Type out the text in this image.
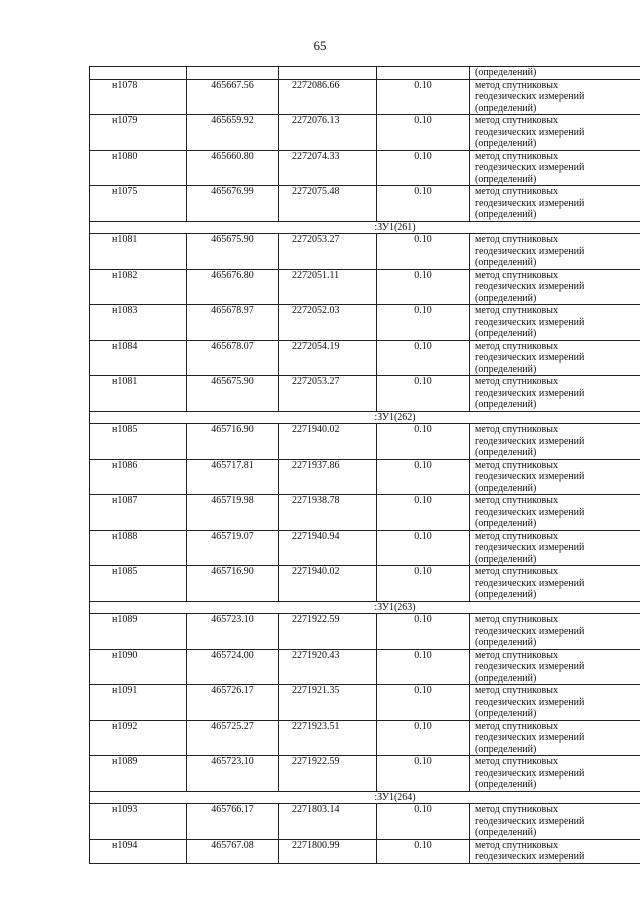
65
				(определений)
н1078	465667.56	2272086.66	0.10	метод спутниковых
геодезических измерений
(определений)

н1079	465659.92	2272076.13	0.10	метод спутниковых
геодезических измерений
(определений)

н1080	465660.80	2272074.33	0.10	метод спутниковых
геодезических измерений
(определений)

н1075	465676.99	2272075.48	0.10	метод спутниковых
геодезических измерений
(определений)

:ЗУ1(261)				
н1081	465675.90	2272053.27	0.10	метод спутниковых
геодезических измерений
(определений)

н1082	465676.80	2272051.11	0.10	метод спутниковых
геодезических измерений
(определений)

н1083	465678.97	2272052.03	0.10	метод спутниковых
геодезических измерений
(определений)

н1084	465678.07	2272054.19	0.10	метод спутниковых
геодезических измерений
(определений)

н1081	465675.90	2272053.27	0.10	метод спутниковых
геодезических измерений
(определений)

:ЗУ1(262)				
н1085	465716.90	2271940.02	0.10	метод спутниковых
геодезических измерений
(определений)

н1086	465717.81	2271937.86	0.10	метод спутниковых
геодезических измерений
(определений)

н1087	465719.98	2271938.78	0.10	метод спутниковых
геодезических измерений
(определений)

н1088	465719.07	2271940.94	0.10	метод спутниковых
геодезических измерений
(определений)

н1085	465716.90	2271940.02	0.10	метод спутниковых
геодезических измерений
(определений)

:ЗУ1(263)				
н1089	465723.10	2271922.59	0.10	метод спутниковых
геодезических измерений
(определений)

н1090	465724.00	2271920.43	0.10	метод спутниковых
геодезических измерений
(определений)

н1091	465726.17	2271921.35	0.10	метод спутниковых
геодезических измерений
(определений)

н1092	465725.27	2271923.51	0.10	метод спутниковых
геодезических измерений
(определений)

н1089	465723.10	2271922.59	0.10	метод спутниковых
геодезических измерений
(определений)

:ЗУ1(264)				
н1093	465766.17	2271803.14	0.10	метод спутниковых
геодезических измерений
(определений)

н1094	465767.08	2271800.99	0.10	метод спутниковых
геодезических измерений
